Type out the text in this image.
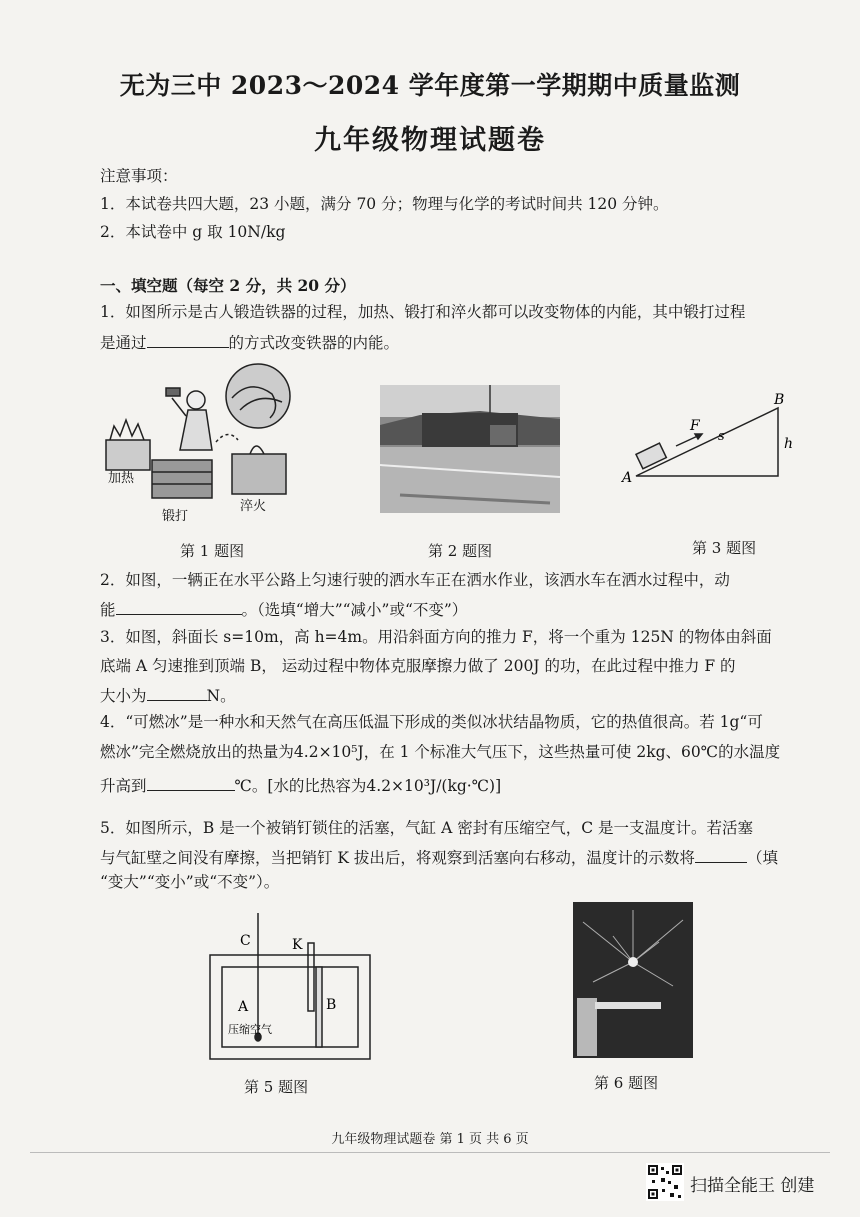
无为三中 2023～2024 学年度第一学期期中质量监测
九年级物理试题卷
注意事项：
1．本试卷共四大题，23 小题，满分 70 分；物理与化学的考试时间共 120 分钟。
2．本试卷中 g 取 10N/kg
一、填空题（每空 2 分，共 20 分）
1．如图所示是古人锻造铁器的过程，加热、锻打和淬火都可以改变物体的内能，其中锻打过程
是通过	的方式改变铁器的内能。
加热
锻打
淬火
第 1 题图	第 2 题图
B
F
s	h
A
第 3 题图
2．如图，一辆正在水平公路上匀速行驶的洒水车正在洒水作业，该洒水车在洒水过程中，动
能	。（选填“增大”“减小”或“不变”）
3．如图，斜面长 s=10m，高 h=4m。用沿斜面方向的推力 F，将一个重为 125N 的物体由斜面
底端 A 匀速推到顶端 B， 运动过程中物体克服摩擦力做了 200J 的功，在此过程中推力 F 的
大小为	N。
4．“可燃冰”是一种水和天然气在高压低温下形成的类似冰状结晶物质，它的热值很高。若 1g“可
燃冰”完全燃烧放出的热量为4.2×10⁵J，在 1 个标准大气压下，这些热量可使 2kg、60℃的水温度
升高到	℃。[水的比热容为4.2×10³J/(kg·℃)]
5．如图所示，B 是一个被销钉锁住的活塞，气缸 A 密封有压缩空气，C 是一支温度计。若活塞
与气缸壁之间没有摩擦，当把销钉 K 拔出后，将观察到活塞向右移动，温度计的示数将	（填
“变大”“变小”或“不变”）。
C	K
A	B
压缩空气
第 5 题图	第 6 题图
九年级物理试题卷 第 1 页 共 6 页
扫描全能王 创建
